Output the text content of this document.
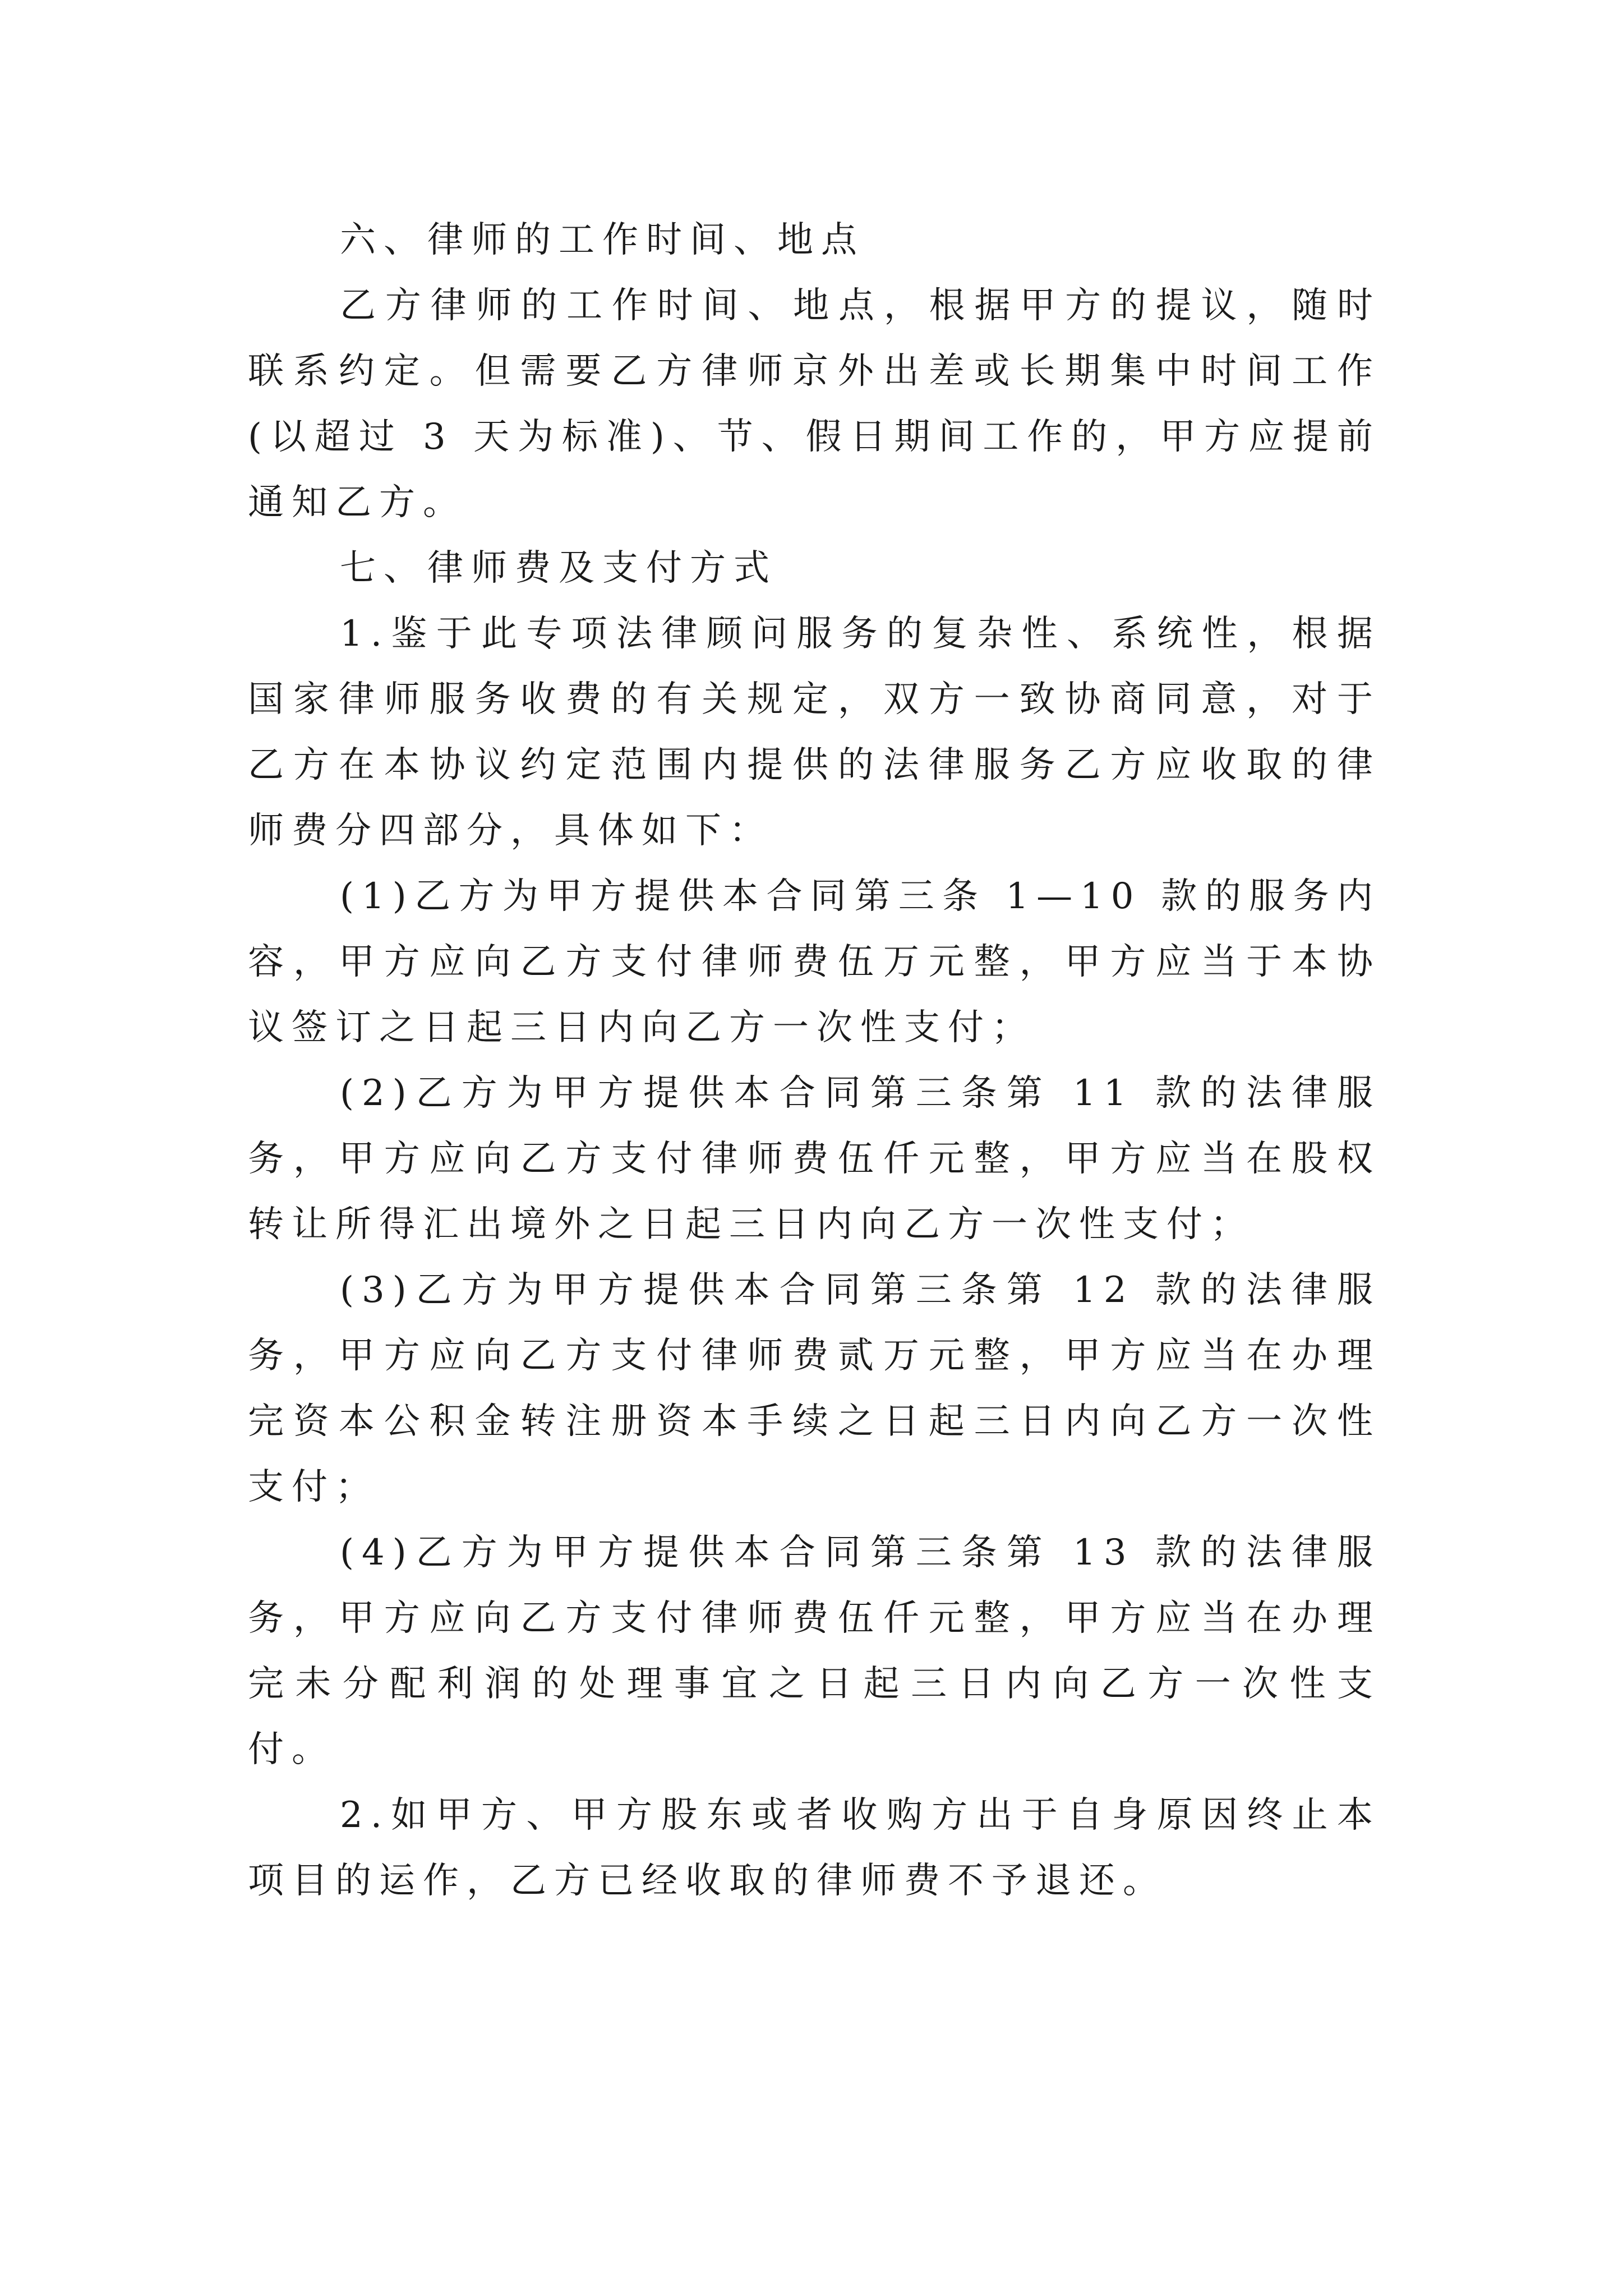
六、律师的工作时间、地点

乙方律师的工作时间、地点，根据甲方的提议，随时联系约定。但需要乙方律师京外出差或长期集中时间工作(以超过 3 天为标准)、节、假日期间工作的，甲方应提前通知乙方。

七、律师费及支付方式

1.鉴于此专项法律顾问服务的复杂性、系统性，根据国家律师服务收费的有关规定，双方一致协商同意，对于乙方在本协议约定范围内提供的法律服务乙方应收取的律师费分四部分，具体如下：

(1)乙方为甲方提供本合同第三条 1—10 款的服务内容，甲方应向乙方支付律师费伍万元整，甲方应当于本协议签订之日起三日内向乙方一次性支付；

(2)乙方为甲方提供本合同第三条第 11 款的法律服务，甲方应向乙方支付律师费伍仟元整，甲方应当在股权转让所得汇出境外之日起三日内向乙方一次性支付；

(3)乙方为甲方提供本合同第三条第 12 款的法律服务，甲方应向乙方支付律师费贰万元整，甲方应当在办理完资本公积金转注册资本手续之日起三日内向乙方一次性支付；

(4)乙方为甲方提供本合同第三条第 13 款的法律服务，甲方应向乙方支付律师费伍仟元整，甲方应当在办理完未分配利润的处理事宜之日起三日内向乙方一次性支付。

2.如甲方、甲方股东或者收购方出于自身原因终止本项目的运作，乙方已经收取的律师费不予退还。
